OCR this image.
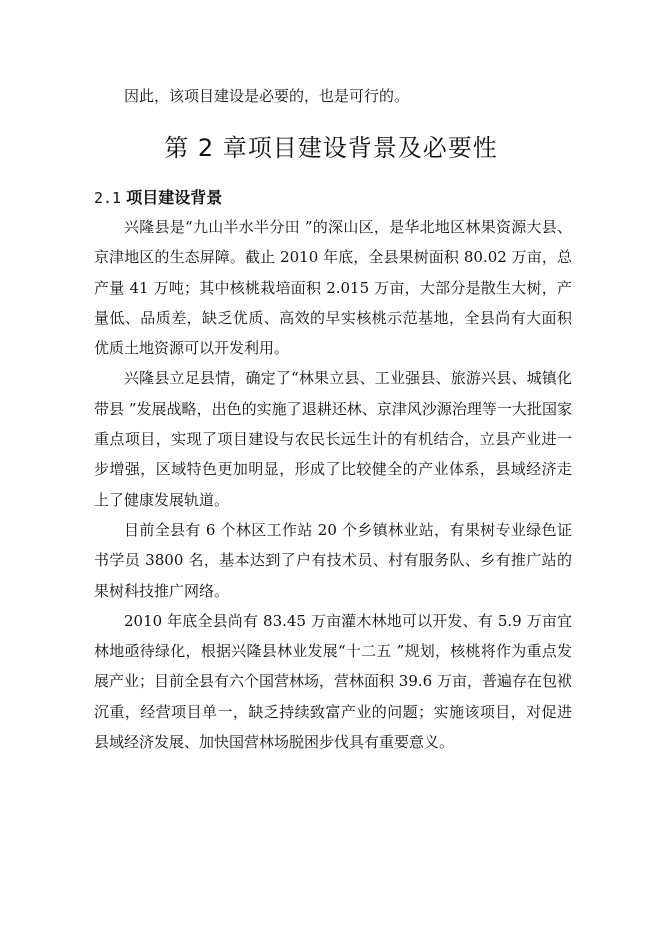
因此，该项目建设是必要的，也是可行的。

第 2 章项目建设背景及必要性
2.1 项目建设背景

兴隆县是“九山半水半分田 ”的深山区，是华北地区林果资源大县、京津地区的生态屏障。截止 2010 年底，全县果树面积 80.02 万亩，总产量 41 万吨；其中核桃栽培面积 2.015 万亩，大部分是散生大树，产量低、品质差，缺乏优质、高效的早实核桃示范基地，全县尚有大面积优质土地资源可以开发利用。

兴隆县立足县情，确定了“林果立县、工业强县、旅游兴县、城镇化带县 ”发展战略，出色的实施了退耕还林、京津风沙源治理等一大批国家重点项目，实现了项目建设与农民长远生计的有机结合，立县产业进一步增强，区域特色更加明显，形成了比较健全的产业体系，县域经济走上了健康发展轨道。

目前全县有 6 个林区工作站 20 个乡镇林业站，有果树专业绿色证书学员 3800 名，基本达到了户有技术员、村有服务队、乡有推广站的果树科技推广网络。

2010 年底全县尚有 83.45 万亩灌木林地可以开发、有 5.9 万亩宜林地亟待绿化，根据兴隆县林业发展“十二五 ”规划，核桃将作为重点发展产业；目前全县有六个国营林场，营林面积 39.6 万亩，普遍存在包袱沉重，经营项目单一，缺乏持续致富产业的问题；实施该项目，对促进县域经济发展、加快国营林场脱困步伐具有重要意义。
